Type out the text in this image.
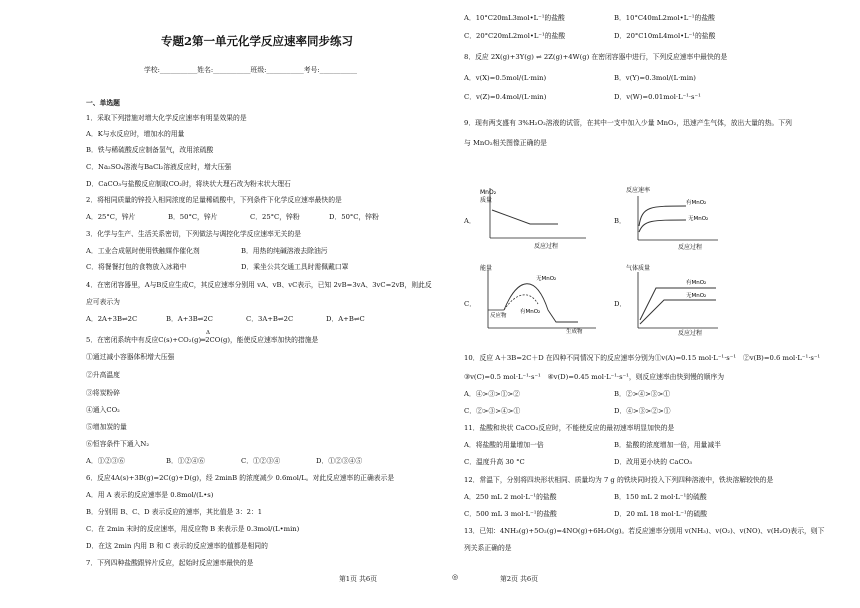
专题2第一单元化学反应速率同步练习
学校:___________姓名:___________班级:___________考号:___________
一、单选题
1．采取下列措施对增大化学反应速率有明显效果的是
A．K与水反应时，增加水的用量
B．铁与稀硫酸反应制备氢气，改用浓硫酸
C．Na₂SO₄溶液与BaCl₂溶液反应时，增大压强
D．CaCO₃与盐酸反应制取CO₂时，将块状大理石改为粉末状大理石
2．将相同质量的锌投入相同浓度的足量稀硫酸中，下列条件下化学反应速率最快的是
A．25°C，锌片	B．50°C，锌片	C．25°C，锌粉	D．50°C，锌粉
3．化学与生产、生活关系密切，下列做法与调控化学反应速率无关的是
A．工业合成氨时使用铁触媒作催化剂	B．用热的纯碱溶液去除油污
C．将餐餐打包的食物放入冰箱中	D．乘坐公共交通工具时需佩戴口罩
4．在密闭容器里，A与B反应生成C，其反应速率分别用 vA、vB、vC表示，已知 2vB=3vA、3vC=2vB，则此反
应可表示为
A．2A+3B⇌2C	B．A+3B⇌2C	C．3A+B⇌2C	D．A+B⇌C
5．在密闭系统中有反应C(s)+CO₂(g)═2CO(g)，能使反应速率加快的措施是
Δ
①通过减小容器体积增大压强
②升高温度
③将炭粉碎
④通入CO₂
⑤增加炭的量
⑥恒容条件下通入N₂
A．①②③⑥	B．①②④⑥	C．①②③④	D．①②③④⑤
6．反应4A(s)+3B(g)=2C(g)+D(g)，经 2minB 的浓度减少 0.6mol/L。对此反应速率的正确表示是
A．用 A 表示的反应速率是 0.8mol/(L•s)
B．分别用 B、C、D 表示反应的速率，其比值是 3：2：1
C．在 2min 末时的反应速率，用反应物 B 来表示是 0.3mol/(L•min)
D．在这 2min 内用 B 和 C 表示的反应速率的值都是相同的
7．下列四种盐酸跟锌片反应，起始时反应速率最快的是
A．10°C20mL3mol•L⁻¹的盐酸	B．10°C40mL2mol•L⁻¹的盐酸
C．20°C20mL2mol•L⁻¹的盐酸	D．20°C10mL4mol•L⁻¹的盐酸
8．反应 2X(g)+3Y(g) ⇌ 2Z(g)+4W(g) 在密闭容器中进行，下列反应速率中最快的是
A．v(X)=0.5mol/(L·min)	B．v(Y)=0.3mol/(L·min)
C．v(Z)=0.4mol/(L·min)	D．v(W)=0.01mol·L⁻¹·s⁻¹
9．现有两支盛有 3%H₂O₂溶液的试管，在其中一支中加入少量 MnO₂，迅速产生气体，放出大量的热。下列
与 MnO₂相关图像正确的是
A．
MnO₂
质量
反应过程
B．
反应速率
有MnO₂
无MnO₂
反应过程
C．
能量
无MnO₂
有MnO₂
反应物
生成物
D．
气体质量
有MnO₂
无MnO₂
反应过程
10．反应 A＋3B=2C＋D 在四种不同情况下的反应速率分别为①v(A)=0.15 mol·L⁻¹·s⁻¹　②v(B)=0.6 mol·L⁻¹·s⁻¹
③v(C)=0.5 mol·L⁻¹·s⁻¹　④v(D)=0.45 mol·L⁻¹·s⁻¹，则反应速率由快到慢的顺序为
A．④>③>①>②	B．②>④>③>①
C．②>③>④>①	D．④>③>②>①
11．盐酸和块状 CaCO₃反应时，不能使反应的最初速率明显加快的是
A．将盐酸的用量增加一倍	B．盐酸的浓度增加一倍，用量减半
C．温度升高 30 °C	D．改用更小块的 CaCO₃
12．常温下，分别将四块形状相同、质量均为 7 g 的铁块同时投入下列四种溶液中，铁块溶解较快的是
A．250 mL 2 mol·L⁻¹的盐酸	B．150 mL 2 mol·L⁻¹的硫酸
C．500 mL 3 mol·L⁻¹的盐酸	D．20 mL 18 mol·L⁻¹的硫酸
13．已知：4NH₃(g)+5O₂(g)=4NO(g)+6H₂O(g)。若反应速率分别用 v(NH₃)、v(O₂)、v(NO)、v(H₂O)表示，则下
列关系正确的是
第1页 共6页	◎	第2页 共6页
